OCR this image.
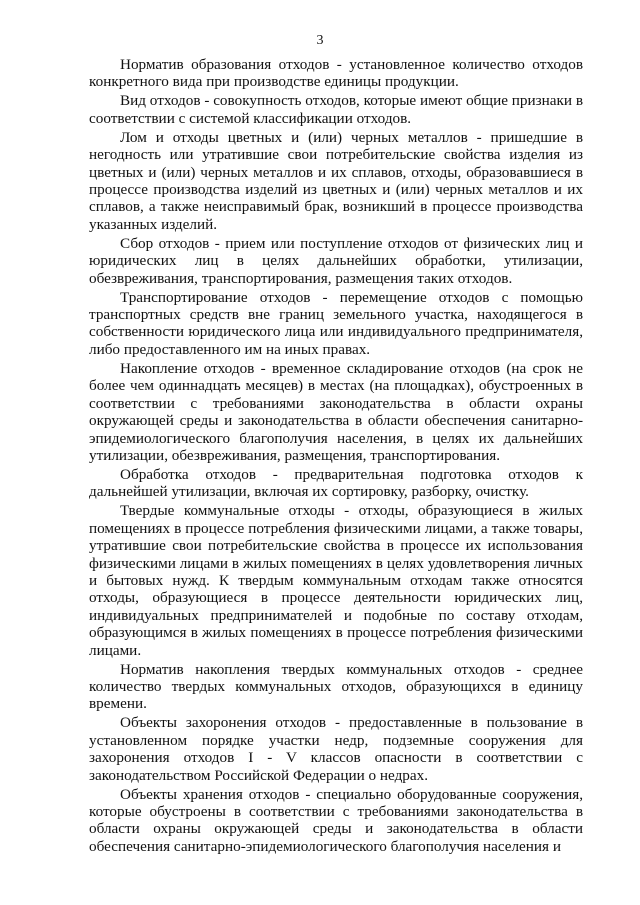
3

Норматив образования отходов - установленное количество отходов конкретного вида при производстве единицы продукции.

Вид отходов - совокупность отходов, которые имеют общие признаки в соответствии с системой классификации отходов.

Лом и отходы цветных и (или) черных металлов - пришедшие в негодность или утратившие свои потребительские свойства изделия из цветных и (или) черных металлов и их сплавов, отходы, образовавшиеся в процессе производства изделий из цветных и (или) черных металлов и их сплавов, а также неисправимый брак, возникший в процессе производства указанных изделий.

Сбор отходов - прием или поступление отходов от физических лиц и юридических лиц в целях дальнейших обработки, утилизации, обезвреживания, транспортирования, размещения таких отходов.

Транспортирование отходов - перемещение отходов с помощью транспортных средств вне границ земельного участка, находящегося в собственности юридического лица или индивидуального предпринимателя, либо предоставленного им на иных правах.

Накопление отходов - временное складирование отходов (на срок не более чем одиннадцать месяцев) в местах (на площадках), обустроенных в соответствии с требованиями законодательства в области охраны окружающей среды и законодательства в области обеспечения санитарно-эпидемиологического благополучия населения, в целях их дальнейших утилизации, обезвреживания, размещения, транспортирования.

Обработка отходов - предварительная подготовка отходов к дальнейшей утилизации, включая их сортировку, разборку, очистку.

Твердые коммунальные отходы - отходы, образующиеся в жилых помещениях в процессе потребления физическими лицами, а также товары, утратившие свои потребительские свойства в процессе их использования физическими лицами в жилых помещениях в целях удовлетворения личных и бытовых нужд. К твердым коммунальным отходам также относятся отходы, образующиеся в процессе деятельности юридических лиц, индивидуальных предпринимателей и подобные по составу отходам, образующимся в жилых помещениях в процессе потребления физическими лицами.

Норматив накопления твердых коммунальных отходов - среднее количество твердых коммунальных отходов, образующихся в единицу времени.

Объекты захоронения отходов - предоставленные в пользование в установленном порядке участки недр, подземные сооружения для захоронения отходов I - V классов опасности в соответствии с законодательством Российской Федерации о недрах.

Объекты хранения отходов - специально оборудованные сооружения, которые обустроены в соответствии с требованиями законодательства в области охраны окружающей среды и законодательства в области обеспечения санитарно-эпидемиологического благополучия населения и
